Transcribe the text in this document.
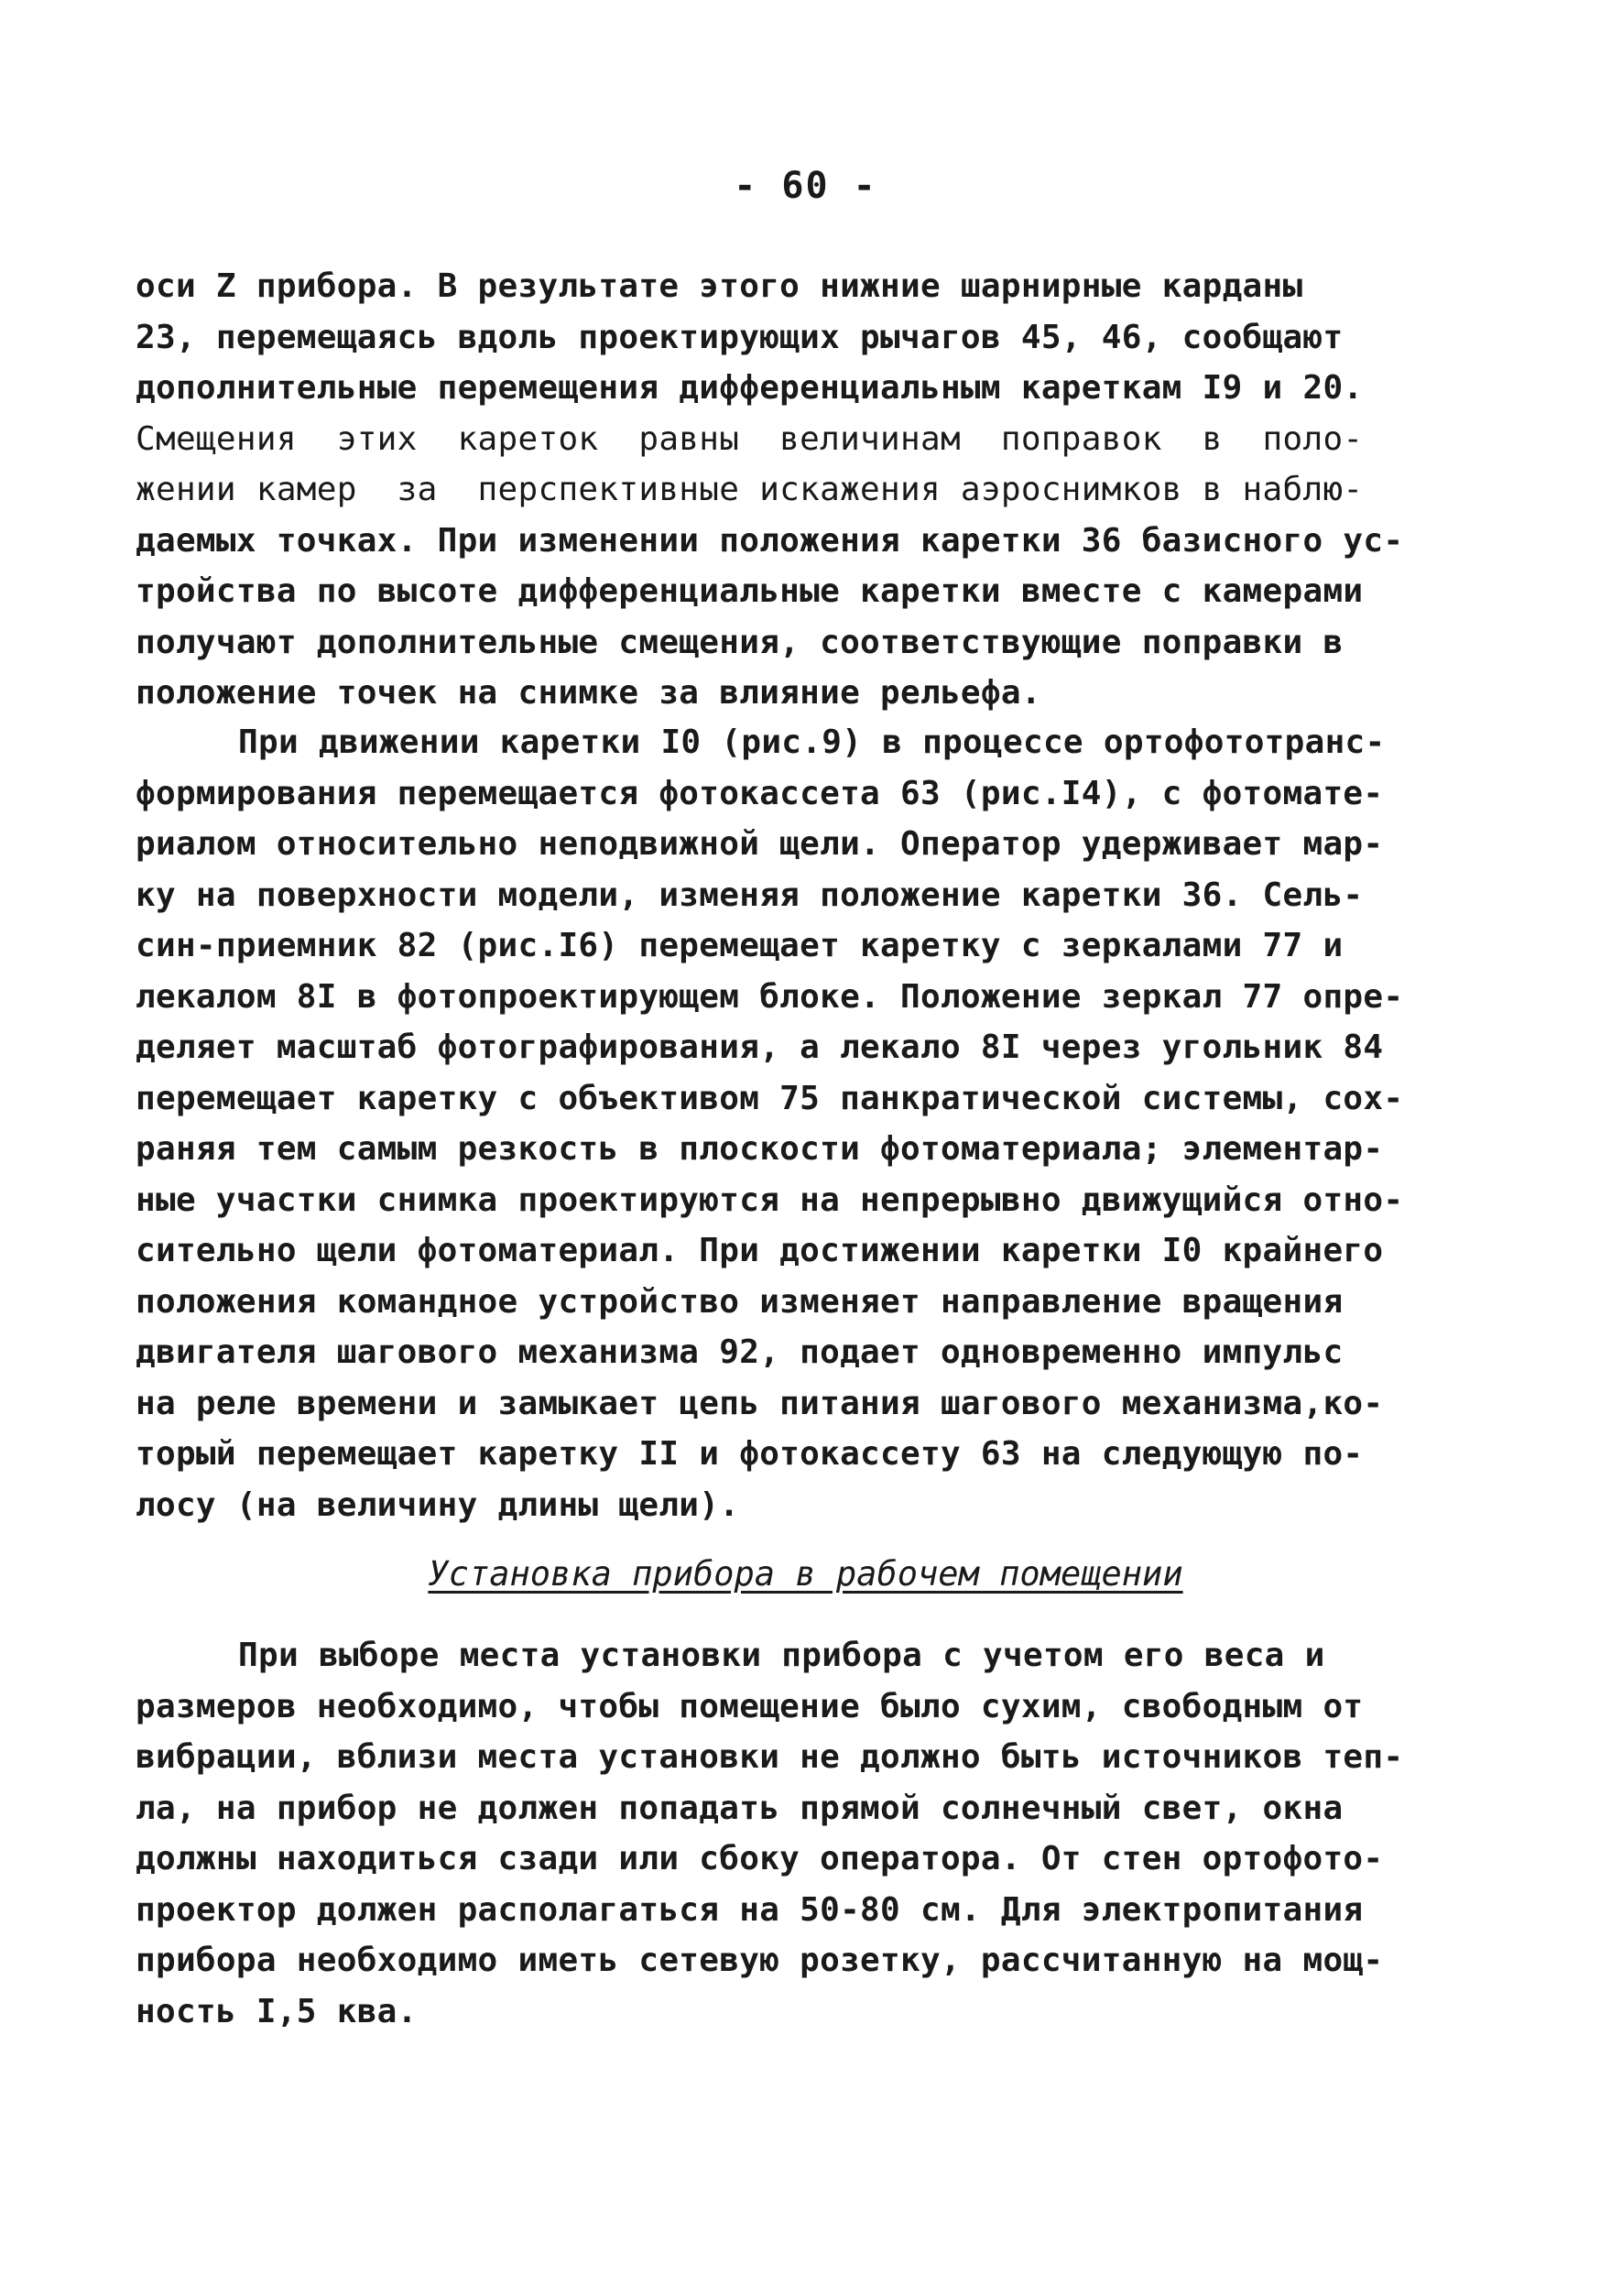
- 60 -
оси Z прибора. В результате этого нижние шарнирные карданы
23, перемещаясь вдоль проектирующих рычагов 45, 46, сообщают
дополнительные перемещения дифференциальным кареткам I9 и 20.
Смещения  этих  кареток  равны  величинам  поправок  в  поло-
жении камер  за  перспективные искажения аэроснимков в наблю-
даемых точках. При изменении положения каретки 36 базисного ус-
тройства по высоте дифференциальные каретки вместе с камерами
получают дополнительные смещения, соответствующие поправки в
положение точек на снимке за влияние рельефа.
При движении каретки I0 (рис.9) в процессе ортофототранс-
формирования перемещается фотокассета 63 (рис.I4), с фотомате-
риалом относительно неподвижной щели. Оператор удерживает мар-
ку на поверхности модели, изменяя положение каретки 36. Сель-
син-приемник 82 (рис.I6) перемещает каретку с зеркалами 77 и
лекалом 8I в фотопроектирующем блоке. Положение зеркал 77 опре-
деляет масштаб фотографирования, а лекало 8I через угольник 84
перемещает каретку с объективом 75 панкратической системы, сох-
раняя тем самым резкость в плоскости фотоматериала; элементар-
ные участки снимка проектируются на непрерывно движущийся отно-
сительно щели фотоматериал. При достижении каретки I0 крайнего
положения командное устройство изменяет направление вращения
двигателя шагового механизма 92, подает одновременно импульс
на реле времени и замыкает цепь питания шагового механизма,ко-
торый перемещает каретку II и фотокассету 63 на следующую по-
лосу (на величину длины щели).
Установка прибора в рабочем помещении
При выборе места установки прибора с учетом его веса и
размеров необходимо, чтобы помещение было сухим, свободным от
вибрации, вблизи места установки не должно быть источников теп-
ла, на прибор не должен попадать прямой солнечный свет, окна
должны находиться сзади или сбоку оператора. От стен ортофото-
проектор должен располагаться на 50-80 см. Для электропитания
прибора необходимо иметь сетевую розетку, рассчитанную на мощ-
ность I,5 ква.
